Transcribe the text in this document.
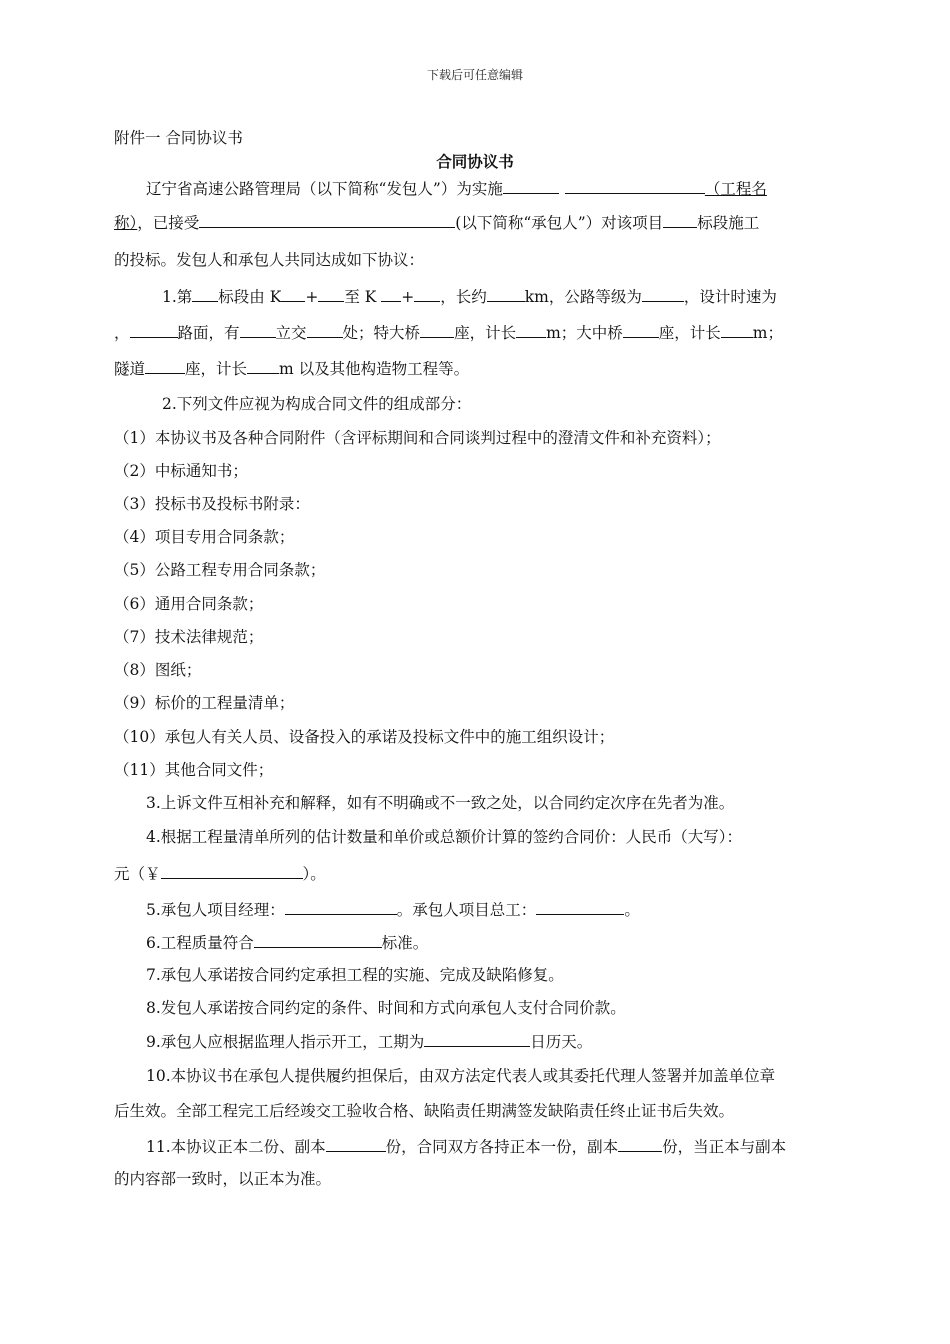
下载后可任意编辑
附件一 合同协议书
合同协议书
辽宁省高速公路管理局（以下简称“发包人”）为实施	（工程名
称），已接受	(以下简称“承包人”）对该项目 标段施工
的投标。发包人和承包人共同达成如下协议：
1.第 标段由 K + 至 K + ，长约 km，公路等级为	，设计时速为
，	路面，有 立交 处；特大桥 座，计长 m；大中桥 座，计长 m；
隧道	座，计长 m 以及其他构造物工程等。
2.下列文件应视为构成合同文件的组成部分：
（1）本协议书及各种合同附件（含评标期间和合同谈判过程中的澄清文件和补充资料）；
（2）中标通知书；
（3）投标书及投标书附录：
（4）项目专用合同条款；
（5）公路工程专用合同条款；
（6）通用合同条款；
（7）技术法律规范；
（8）图纸；
（9）标价的工程量清单；
（10）承包人有关人员、设备投入的承诺及投标文件中的施工组织设计；
（11）其他合同文件；
3.上诉文件互相补充和解释，如有不明确或不一致之处，以合同约定次序在先者为准。
4.根据工程量清单所列的估计数量和单价或总额价计算的签约合同价：人民币（大写）：
元（￥	）。
5.承包人项目经理：	。承包人项目总工：	。
6.工程质量符合	标准。
7.承包人承诺按合同约定承担工程的实施、完成及缺陷修复。
8.发包人承诺按合同约定的条件、时间和方式向承包人支付合同价款。
9.承包人应根据监理人指示开工，工期为	日历天。
10.本协议书在承包人提供履约担保后，由双方法定代表人或其委托代理人签署并加盖单位章
后生效。全部工程完工后经竣交工验收合格、缺陷责任期满签发缺陷责任终止证书后失效。
11.本协议正本二份、副本	份，合同双方各持正本一份，副本	份，当正本与副本
的内容部一致时，以正本为准。
